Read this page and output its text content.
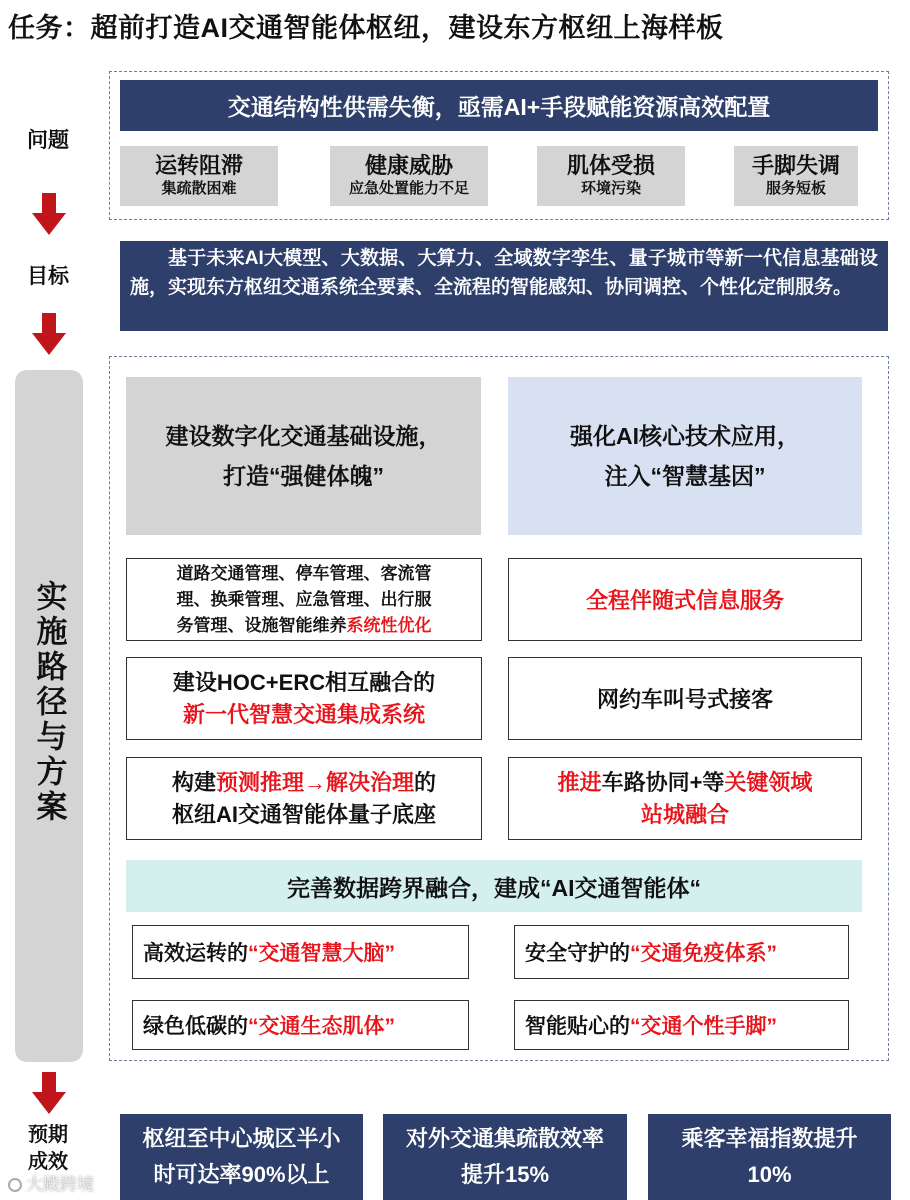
任务：超前打造AI交通智能体枢纽，建设东方枢纽上海样板
问题
目标
实施路径与方案
预期
成效
交通结构性供需失衡，亟需AI+手段赋能资源高效配置
运转阻滞
集疏散困难
健康威胁
应急处置能力不足
肌体受损
环境污染
手脚失调
服务短板
基于未来AI大模型、大数据、大算力、全域数字孪生、量子城市等新一代信息基础设施，实现东方枢纽交通系统全要素、全流程的智能感知、协同调控、个性化定制服务。
建设数字化交通基础设施，
打造“强健体魄”
强化AI核心技术应用，
注入“智慧基因”
道路交通管理、停车管理、客流管
理、换乘管理、应急管理、出行服
务管理、设施智能维养系统性优化
建设HOC+ERC相互融合的
新一代智慧交通集成系统
构建预测推理→解决治理的
枢纽AI交通智能体量子底座
全程伴随式信息服务
网约车叫号式接客
推进车路协同+等关键领域
站城融合
完善数据跨界融合，建成“AI交通智能体“
高效运转的 “交通智慧大脑”	安全守护的 “交通免疫体系”
绿色低碳的 “交通生态肌体”	智能贴心的 “交通个性手脚”
枢纽至中心城区半小
时可达率90%以上
对外交通集疏散效率
提升15%
乘客幸福指数提升
10%
大殿跨境
